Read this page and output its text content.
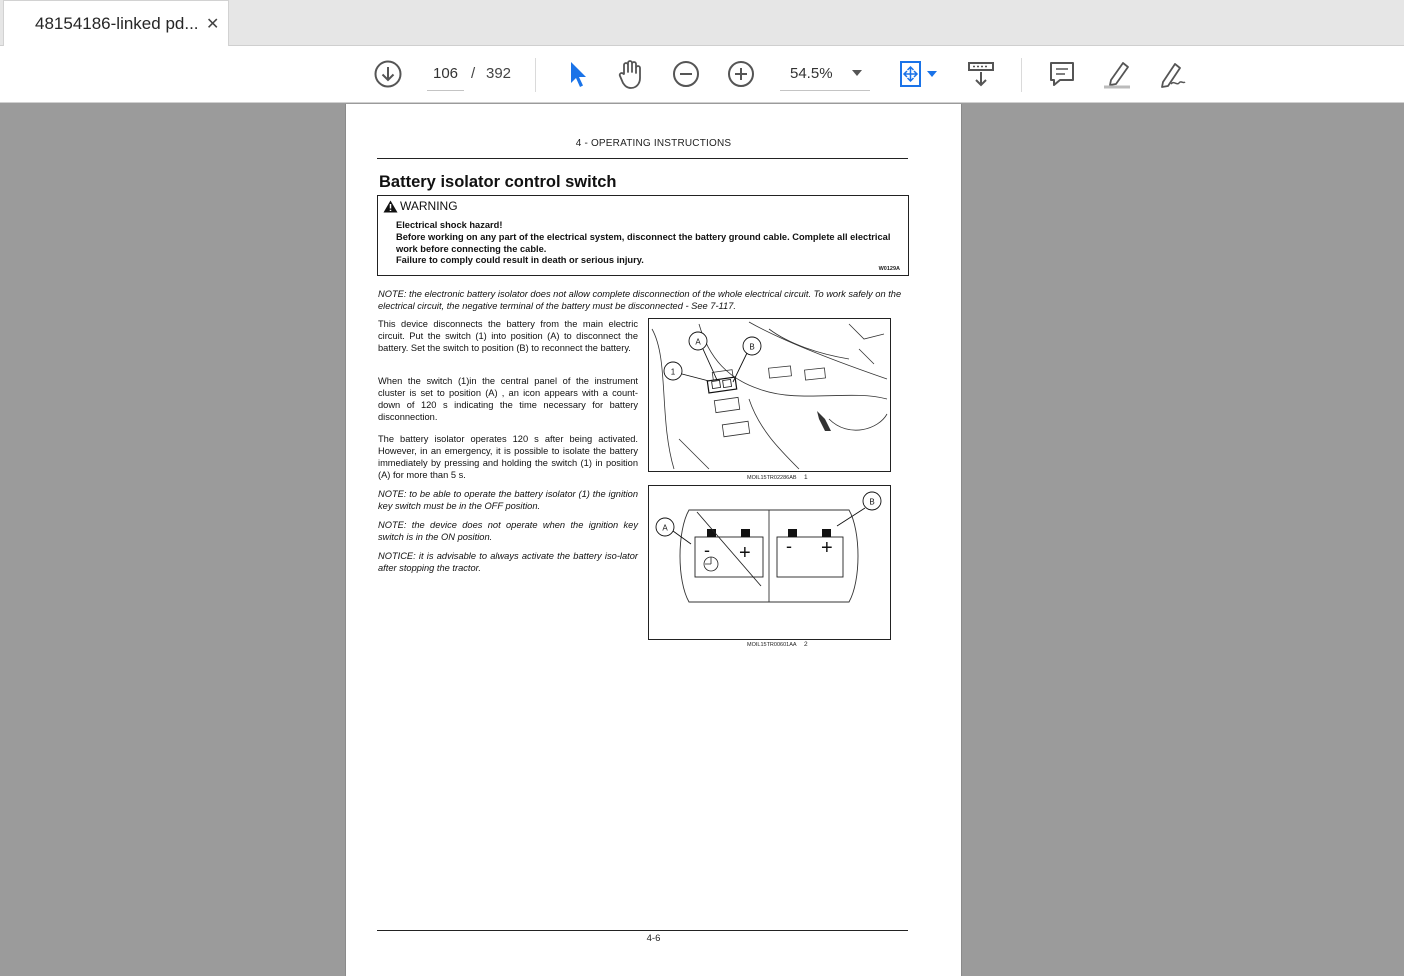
48154186-linked pd... ✕
106 / 392	54.5%
4 - OPERATING INSTRUCTIONS
Battery isolator control switch
WARNING
Electrical shock hazard!
Before working on any part of the electrical system, disconnect the battery ground cable. Complete all electrical work before connecting the cable.
Failure to comply could result in death or serious injury.
W0129A
NOTE: the electronic battery isolator does not allow complete disconnection of the whole electrical circuit. To work safely on the electrical circuit, the negative terminal of the battery must be disconnected - See 7-117.
This device disconnects the battery from the main electric circuit. Put the switch (1) into position (A) to disconnect the battery. Set the switch to position (B) to reconnect the battery.
When the switch (1)in the central panel of the instrument cluster is set to position (A) , an icon appears with a count-down of 120 s indicating the time necessary for battery disconnection.
The battery isolator operates 120 s after being activated. However, in an emergency, it is possible to isolate the battery immediately by pressing and holding the switch (1) in position (A) for more than 5 s.
NOTE: to be able to operate the battery isolator (1) the ignition key switch must be in the OFF position.
NOTE: the device does not operate when the ignition key switch is in the ON position.
NOTICE: it is advisable to always activate the battery iso-lator after stopping the tractor.
A
B
1
MOIL15TR02286AB 1
- + - +
A
B
MOIL15TR00601AA 2
4-6
